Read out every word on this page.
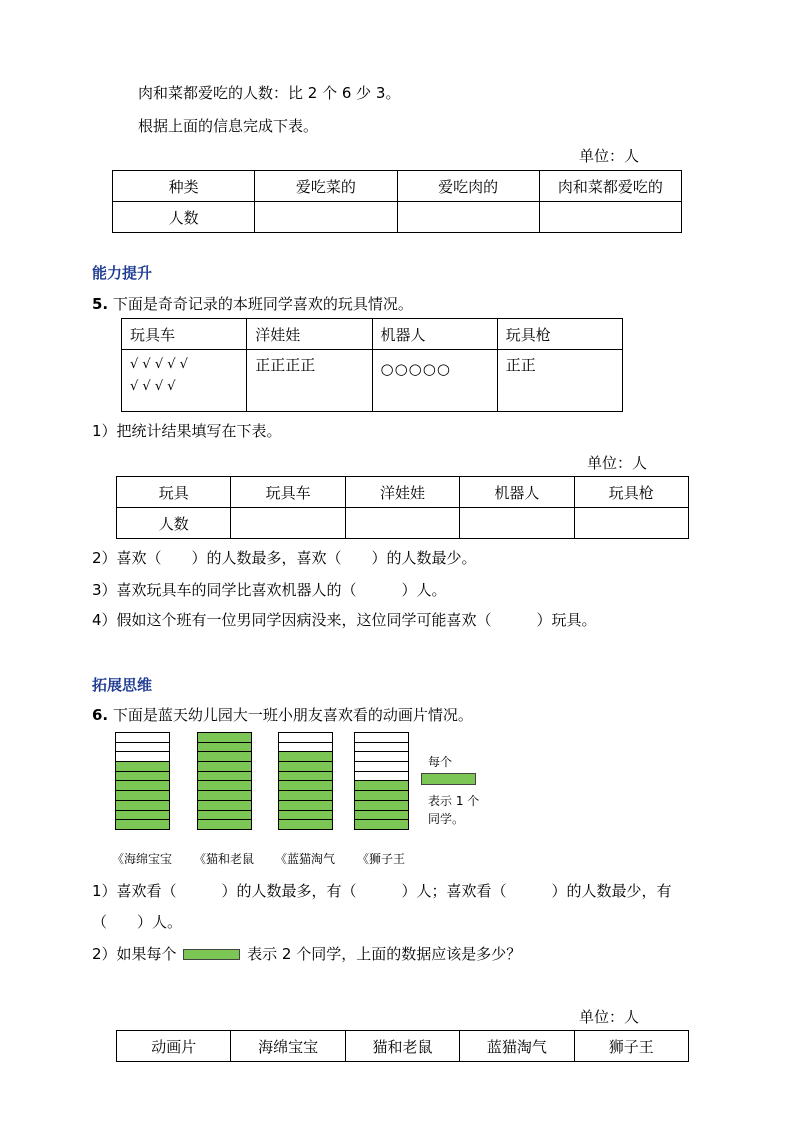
肉和菜都爱吃的人数：比 2 个 6 少 3。
根据上面的信息完成下表。
单位：人
种类	爱吃菜的	爱吃肉的	肉和菜都爱吃的
人数			
能力提升
5. 下面是奇奇记录的本班同学喜欢的玩具情况。
玩具车	洋娃娃	机器人	玩具枪

√ √ √ √ √
√ √ √ √	正正正正	○○○○○	正正
1）把统计结果填写在下表。
单位：人
玩具	玩具车	洋娃娃	机器人	玩具枪
人数				
2）喜欢（　　）的人数最多，喜欢（　　）的人数最少。
3）喜欢玩具车的同学比喜欢机器人的（　　　）人。
4）假如这个班有一位男同学因病没来，这位同学可能喜欢（　　　）玩具。
拓展思维
6. 下面是蓝天幼儿园大一班小朋友喜欢看的动画片情况。
《海绵宝宝	《猫和老鼠	《蓝猫淘气	《狮子王
每个
表示 1 个
同学。
1）喜欢看（　　　）的人数最多，有（　　　）人；喜欢看（　　　）的人数最少，有
（　　）人。
2）如果每个	表示 2 个同学，上面的数据应该是多少？
单位：人
动画片	海绵宝宝	猫和老鼠	蓝猫淘气	狮子王
